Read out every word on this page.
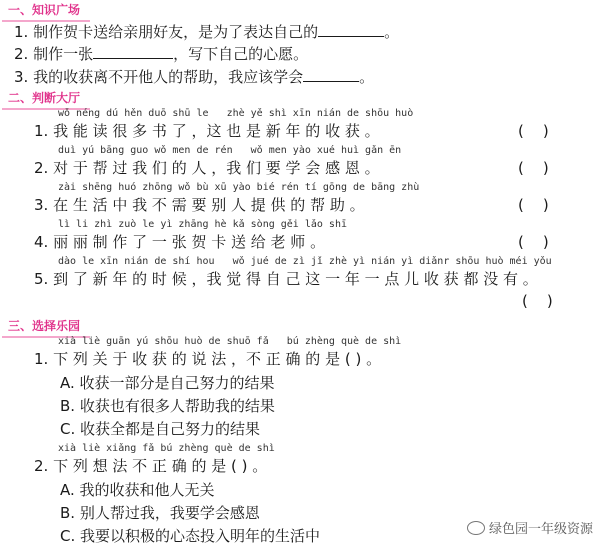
一、知识广场
1. 制作贺卡送给亲朋好友，是为了表达自己的	。
2. 制作一张	，写下自己的心愿。
3. 我的收获离不开他人的帮助，我应该学会	。
二、判断大厅
wǒ néng dú hěn duō shū le   zhè yě shì xīn nián de shōu huò
1. 我 能 读 很 多 书 了 ，这 也 是 新 年 的 收 获 。	(    )
duì yú bāng guo wǒ men de rén   wǒ men yào xué huì gǎn ēn
2. 对 于 帮 过 我 们 的 人 ，我 们 要 学 会 感 恩 。	(    )
zài shēng huó zhōng wǒ bù xū yào bié rén tí gōng de bāng zhù
3. 在 生 活 中 我 不 需 要 别 人 提 供 的 帮 助 。	(    )
lì li zhì zuò le yì zhāng hè kǎ sòng gěi lǎo shī
4. 丽 丽 制 作 了 一 张 贺 卡 送 给 老 师 。	(    )
dào le xīn nián de shí hou   wǒ jué de zì jǐ zhè yì nián yì diǎnr shōu huò méi yǒu
5. 到 了 新 年 的 时 候 ，我 觉 得 自 己 这 一 年 一 点 儿 收 获 都 没 有 。
(    )
三、选择乐园
xià liè guān yú shōu huò de shuō fǎ   bú zhèng què de shì
1. 下 列 关 于 收 获 的 说 法 ，不 正 确 的 是 ( ) 。
A. 收获一部分是自己努力的结果
B. 收获也有很多人帮助我的结果
C. 收获全都是自己努力的结果
xià liè xiǎng fǎ bú zhèng què de shì
2. 下 列 想 法 不 正 确 的 是 ( ) 。
A. 我的收获和他人无关
B. 别人帮过我，我要学会感恩
C. 我要以积极的心态投入明年的生活中	绿色园一年级资源
